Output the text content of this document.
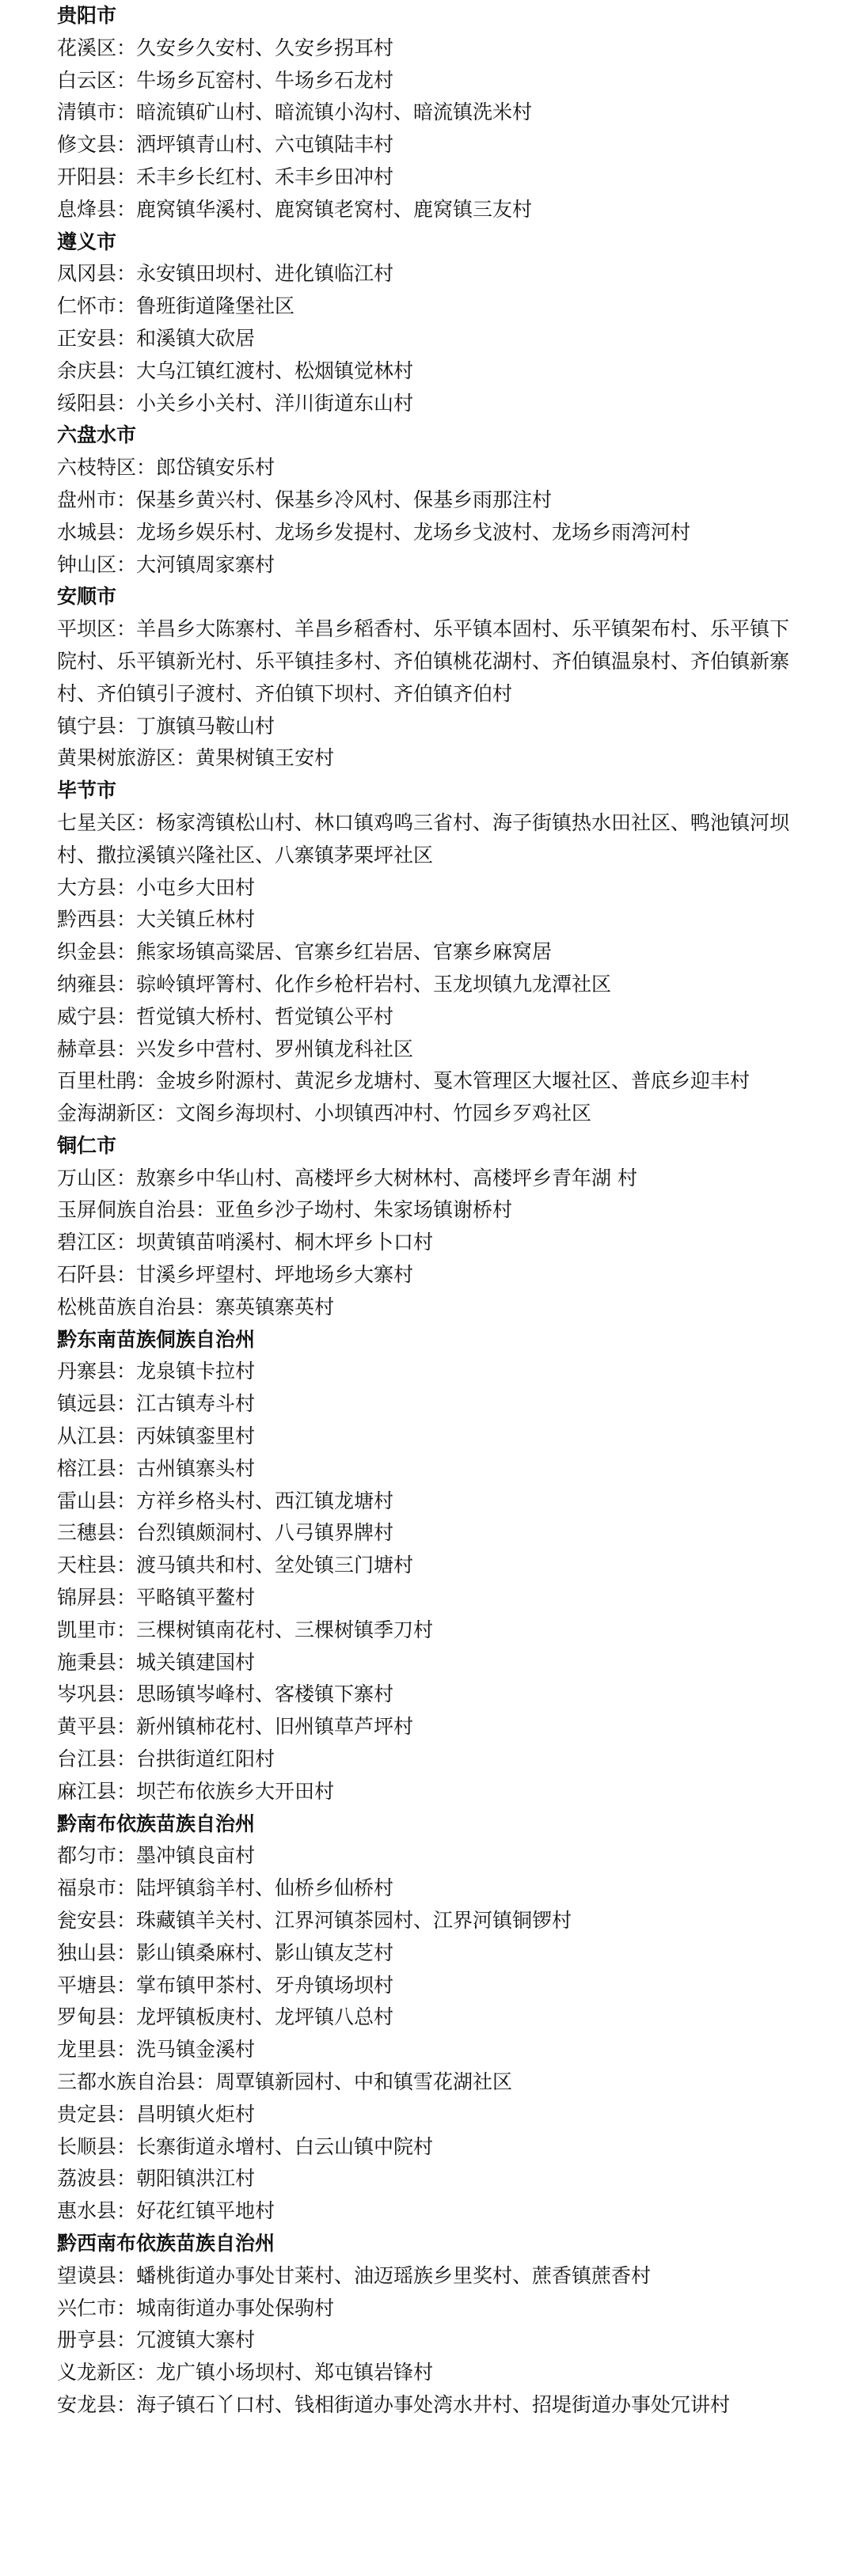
贵阳市
花溪区：久安乡久安村、久安乡拐耳村
白云区：牛场乡瓦窑村、牛场乡石龙村
清镇市：暗流镇矿山村、暗流镇小沟村、暗流镇洗米村
修文县：洒坪镇青山村、六屯镇陆丰村
开阳县：禾丰乡长红村、禾丰乡田冲村
息烽县：鹿窝镇华溪村、鹿窝镇老窝村、鹿窝镇三友村
遵义市
凤冈县：永安镇田坝村、进化镇临江村
仁怀市：鲁班街道隆堡社区
正安县：和溪镇大砍居
余庆县：大乌江镇红渡村、松烟镇觉林村
绥阳县：小关乡小关村、洋川街道东山村
六盘水市
六枝特区：郎岱镇安乐村
盘州市：保基乡黄兴村、保基乡冷风村、保基乡雨那注村
水城县：龙场乡娱乐村、龙场乡发提村、龙场乡戈波村、龙场乡雨湾河村
钟山区：大河镇周家寨村
安顺市
平坝区：羊昌乡大陈寨村、羊昌乡稻香村、乐平镇本固村、乐平镇架布村、乐平镇下院村、乐平镇新光村、乐平镇挂多村、齐伯镇桃花湖村、齐伯镇温泉村、齐伯镇新寨村、齐伯镇引子渡村、齐伯镇下坝村、齐伯镇齐伯村
镇宁县：丁旗镇马鞍山村
黄果树旅游区：黄果树镇王安村
毕节市
七星关区：杨家湾镇松山村、林口镇鸡鸣三省村、海子街镇热水田社区、鸭池镇河坝村、撒拉溪镇兴隆社区、八寨镇茅栗坪社区
大方县：小屯乡大田村
黔西县：大关镇丘林村
织金县：熊家场镇高粱居、官寨乡红岩居、官寨乡麻窝居
纳雍县：骔岭镇坪箐村、化作乡枪杆岩村、玉龙坝镇九龙潭社区
威宁县：哲觉镇大桥村、哲觉镇公平村
赫章县：兴发乡中营村、罗州镇龙科社区
百里杜鹃：金坡乡附源村、黄泥乡龙塘村、戛木管理区大堰社区、普底乡迎丰村
金海湖新区：文阁乡海坝村、小坝镇西冲村、竹园乡歹鸡社区
铜仁市
万山区：敖寨乡中华山村、高楼坪乡大树林村、高楼坪乡青年湖 村
玉屏侗族自治县：亚鱼乡沙子坳村、朱家场镇谢桥村
碧江区：坝黄镇苗哨溪村、桐木坪乡卜口村
石阡县：甘溪乡坪望村、坪地场乡大寨村
松桃苗族自治县：寨英镇寨英村
黔东南苗族侗族自治州
丹寨县：龙泉镇卡拉村
镇远县：江古镇寿斗村
从江县：丙妹镇銮里村
榕江县：古州镇寨头村
雷山县：方祥乡格头村、西江镇龙塘村
三穗县：台烈镇颇洞村、八弓镇界牌村
天柱县：渡马镇共和村、坌处镇三门塘村
锦屏县：平略镇平鳌村
凯里市：三棵树镇南花村、三棵树镇季刀村
施秉县：城关镇建国村
岑巩县：思旸镇岑峰村、客楼镇下寨村
黄平县：新州镇柿花村、旧州镇草芦坪村
台江县：台拱街道红阳村
麻江县：坝芒布依族乡大开田村
黔南布依族苗族自治州
都匀市：墨冲镇良亩村
福泉市：陆坪镇翁羊村、仙桥乡仙桥村
瓮安县：珠藏镇羊关村、江界河镇茶园村、江界河镇铜锣村
独山县：影山镇桑麻村、影山镇友芝村
平塘县：掌布镇甲茶村、牙舟镇场坝村
罗甸县：龙坪镇板庚村、龙坪镇八总村
龙里县：洗马镇金溪村
三都水族自治县：周覃镇新园村、中和镇雪花湖社区
贵定县：昌明镇火炬村
长顺县：长寨街道永增村、白云山镇中院村
荔波县：朝阳镇洪江村
惠水县：好花红镇平地村
黔西南布依族苗族自治州
望谟县：蟠桃街道办事处甘莱村、油迈瑶族乡里奖村、蔗香镇蔗香村
兴仁市：城南街道办事处保驹村
册亨县：冗渡镇大寨村
义龙新区：龙广镇小场坝村、郑屯镇岩锋村
安龙县：海子镇石丫口村、钱相街道办事处湾水井村、招堤街道办事处冗讲村
